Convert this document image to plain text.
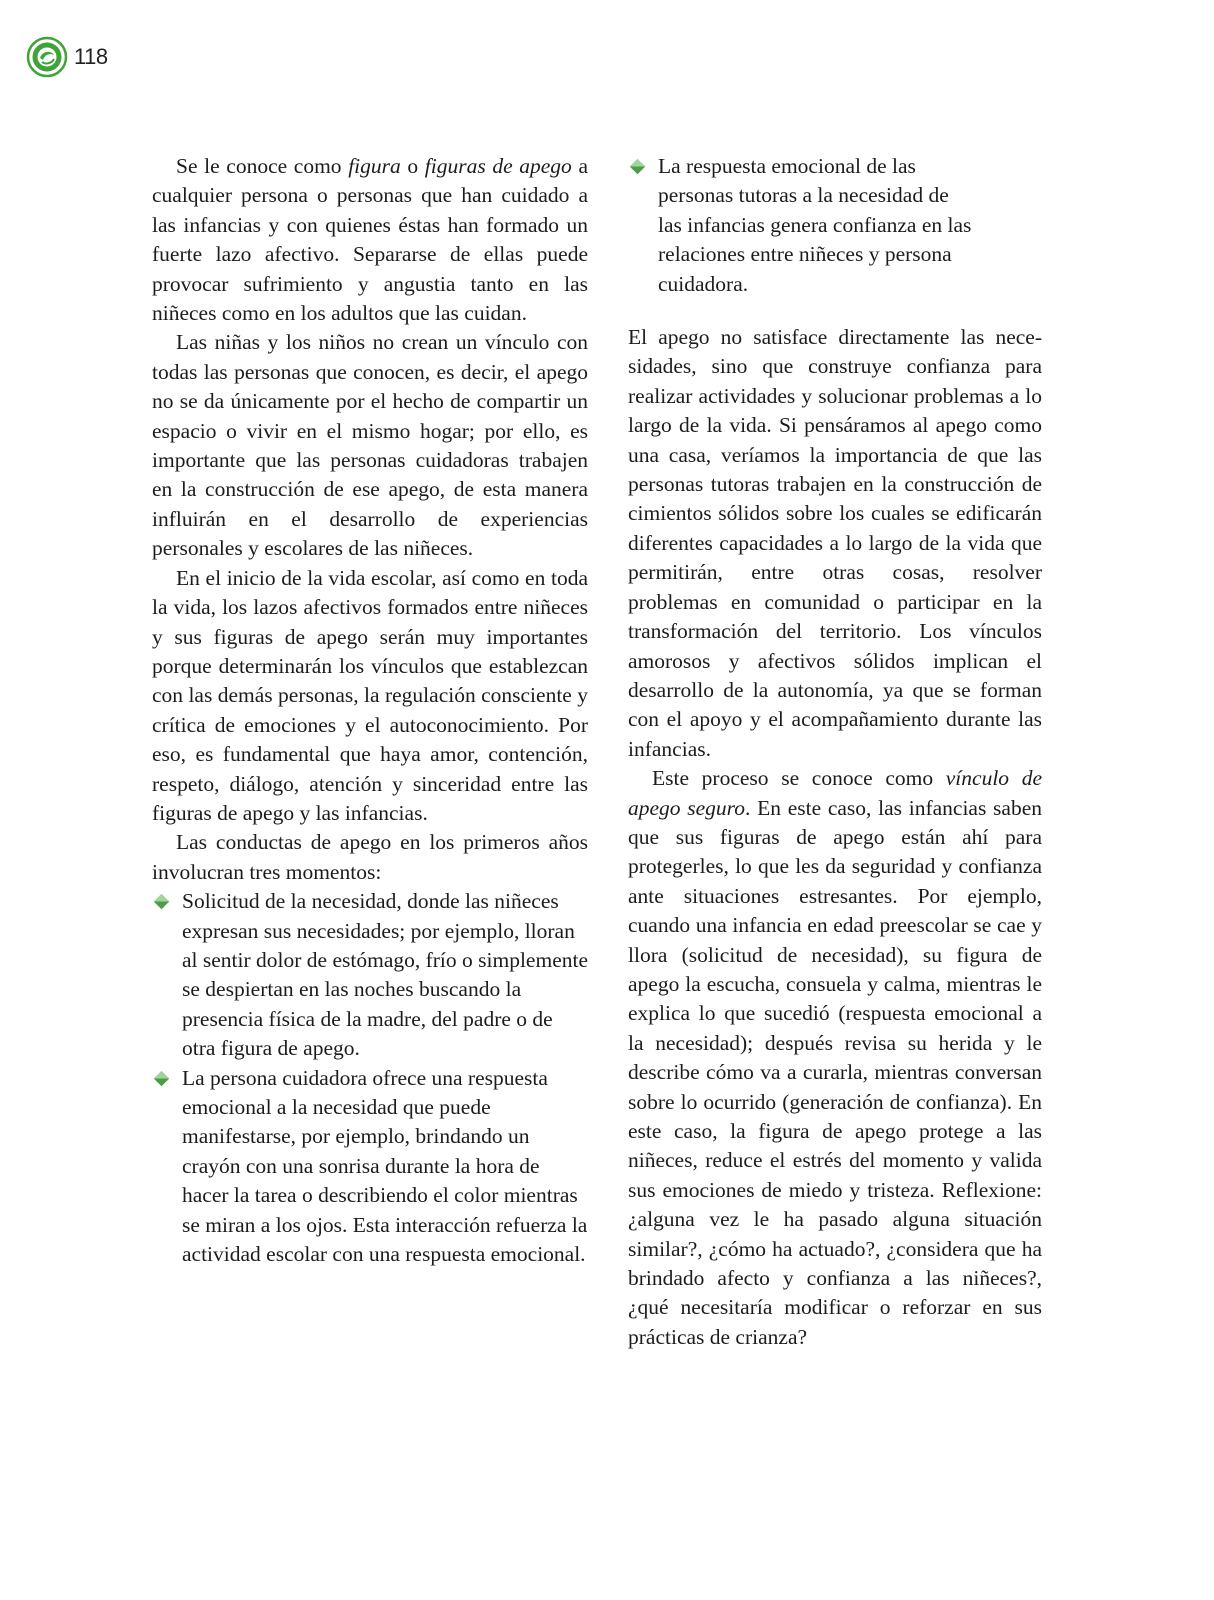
118

Se le conoce como figura o figuras de apego a cualquier persona o personas que han cuidado a las infancias y con quienes éstas han formado un fuerte lazo afectivo. Separarse de ellas puede provocar sufrimiento y angustia tanto en las niñeces como en los adultos que las cuidan.

Las niñas y los niños no crean un vínculo con todas las personas que conocen, es decir, el apego no se da únicamente por el hecho de compartir un espacio o vivir en el mismo hogar; por ello, es importante que las personas cuidadoras trabajen en la construcción de ese apego, de esta manera influirán en el desarrollo de experiencias personales y escolares de las niñeces.

En el inicio de la vida escolar, así como en toda la vida, los lazos afectivos formados entre niñeces y sus figuras de apego serán muy importantes porque determinarán los vínculos que establezcan con las demás personas, la regulación consciente y crítica de emociones y el autoconocimiento. Por eso, es fundamental que haya amor, contención, respeto, diálogo, atención y sinceridad entre las figuras de apego y las infancias.

Las conductas de apego en los primeros años involucran tres momentos:

Solicitud de la necesidad, donde las niñeces expresan sus necesidades; por ejemplo, lloran al sentir dolor de estómago, frío o simplemente se despiertan en las noches buscando la presencia física de la madre, del padre o de otra figura de apego.
La persona cuidadora ofrece una respuesta emocional a la necesidad que puede manifestarse, por ejemplo, brindando un crayón con una sonrisa durante la hora de hacer la tarea o describiendo el color mientras se miran a los ojos. Esta interacción refuerza la actividad escolar con una respuesta emocional.
La respuesta emocional de las personas tutoras a la necesidad de las infancias genera confianza en las relaciones entre niñeces y persona cuidadora.

El apego no satisface directamente las necesidades, sino que construye confianza para realizar actividades y solucionar problemas a lo largo de la vida. Si pensáramos al apego como una casa, veríamos la importancia de que las personas tutoras trabajen en la construcción de cimientos sólidos sobre los cuales se edificarán diferentes capacidades a lo largo de la vida que permitirán, entre otras cosas, resolver problemas en comunidad o participar en la transformación del territorio. Los vínculos amorosos y afectivos sólidos implican el desarrollo de la autonomía, ya que se forman con el apoyo y el acompañamiento durante las infancias.

Este proceso se conoce como vínculo de apego seguro. En este caso, las infancias saben que sus figuras de apego están ahí para protegerles, lo que les da seguridad y confianza ante situaciones estresantes. Por ejemplo, cuando una infancia en edad preescolar se cae y llora (solicitud de necesidad), su figura de apego la escucha, consuela y calma, mientras le explica lo que sucedió (respuesta emocional a la necesidad); después revisa su herida y le describe cómo va a curarla, mientras conversan sobre lo ocurrido (generación de confianza). En este caso, la figura de apego protege a las niñeces, reduce el estrés del momento y valida sus emociones de miedo y tristeza. Reflexione: ¿alguna vez le ha pasado alguna situación similar?, ¿cómo ha actuado?, ¿considera que ha brindado afecto y confianza a las niñeces?, ¿qué necesitaría modificar o reforzar en sus prácticas de crianza?
